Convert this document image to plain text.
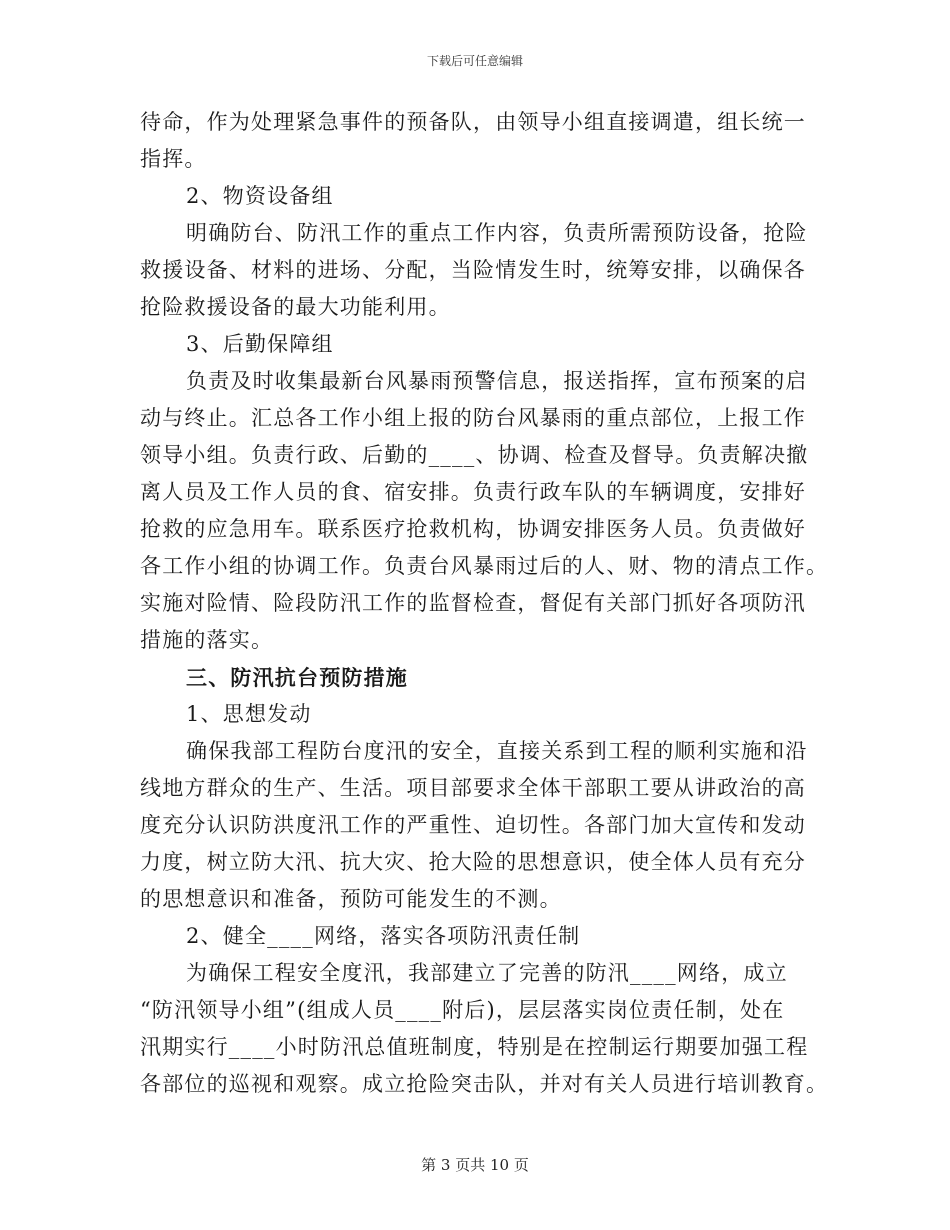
下载后可任意编辑
待命，作为处理紧急事件的预备队，由领导小组直接调遣，组长统一
指挥。
2、物资设备组
明确防台、防汛工作的重点工作内容，负责所需预防设备，抢险
救援设备、材料的进场、分配，当险情发生时，统筹安排，以确保各
抢险救援设备的最大功能利用。
3、后勤保障组
负责及时收集最新台风暴雨预警信息，报送指挥，宣布预案的启
动与终止。汇总各工作小组上报的防台风暴雨的重点部位，上报工作
领导小组。负责行政、后勤的____、协调、检查及督导。负责解决撤
离人员及工作人员的食、宿安排。负责行政车队的车辆调度，安排好
抢救的应急用车。联系医疗抢救机构，协调安排医务人员。负责做好
各工作小组的协调工作。负责台风暴雨过后的人、财、物的清点工作。
实施对险情、险段防汛工作的监督检查，督促有关部门抓好各项防汛
措施的落实。
三、防汛抗台预防措施
1、思想发动
确保我部工程防台度汛的安全，直接关系到工程的顺利实施和沿
线地方群众的生产、生活。项目部要求全体干部职工要从讲政治的高
度充分认识防洪度汛工作的严重性、迫切性。各部门加大宣传和发动
力度，树立防大汛、抗大灾、抢大险的思想意识，使全体人员有充分
的思想意识和准备，预防可能发生的不测。
2、健全____网络，落实各项防汛责任制
为确保工程安全度汛，我部建立了完善的防汛____网络，成立
“防汛领导小组”(组成人员____附后)，层层落实岗位责任制，处在
汛期实行____小时防汛总值班制度，特别是在控制运行期要加强工程
各部位的巡视和观察。成立抢险突击队，并对有关人员进行培训教育。
第 3 页共 10 页
